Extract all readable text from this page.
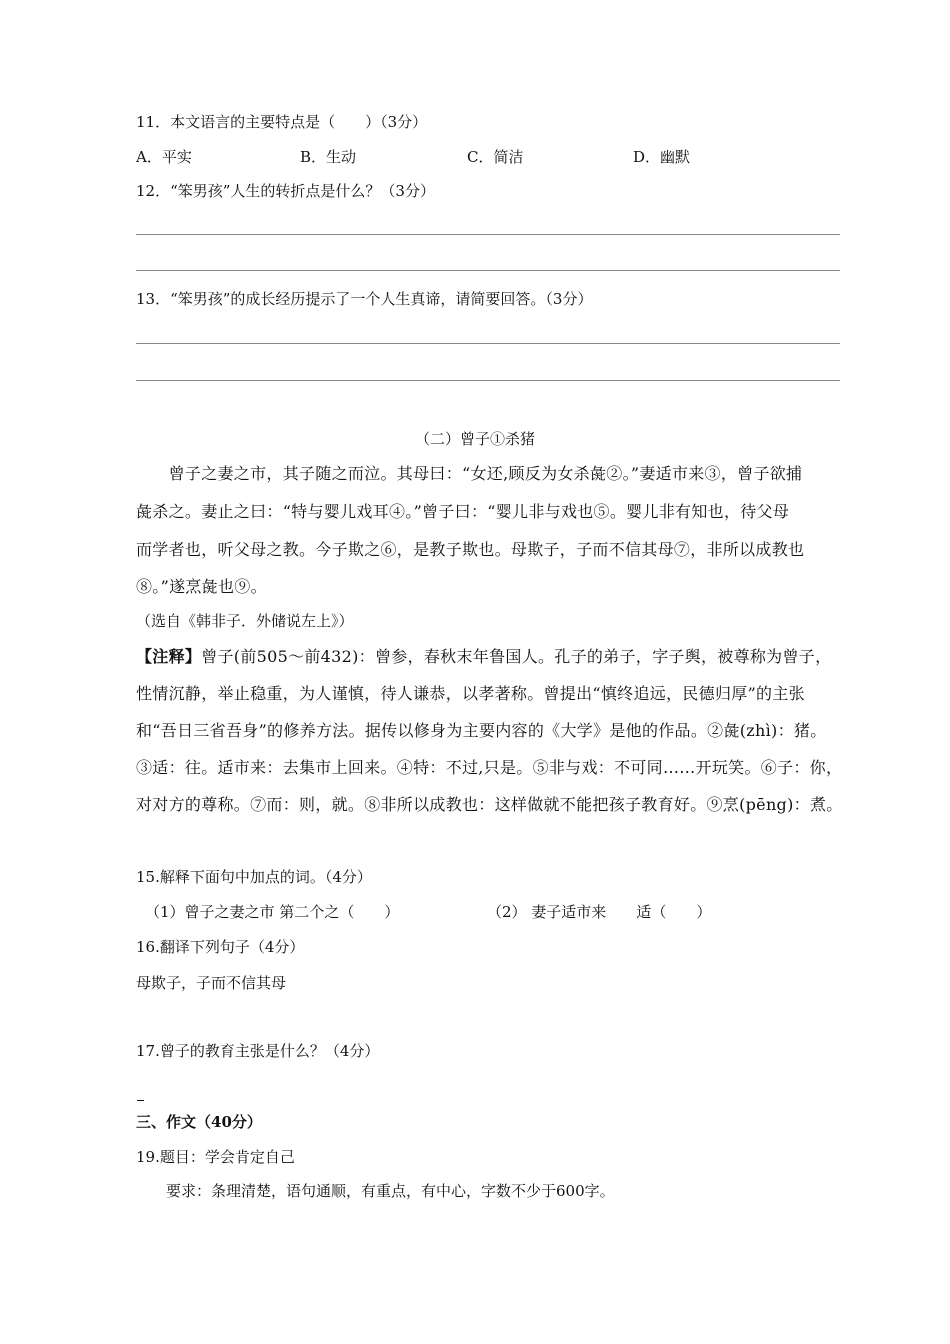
11．本文语言的主要特点是（　　）（3分）
A．平实	B．生动	C．简洁	D．幽默
12．“笨男孩”人生的转折点是什么？（3分）
13．“笨男孩”的成长经历提示了一个人生真谛，请简要回答。（3分）
（二）曾子①杀猪
　　曾子之妻之市，其子随之而泣。其母曰：“女还,顾反为女杀彘②。”妻适市来③，曾子欲捕
彘杀之。妻止之曰：“特与婴儿戏耳④。”曾子曰：“婴儿非与戏也⑤。婴儿非有知也，待父母
而学者也，听父母之教。今子欺之⑥，是教子欺也。母欺子，子而不信其母⑦，非所以成教也
⑧。”遂烹彘也⑨。
（选自《韩非子．外储说左上》）
【注释】曾子(前505～前432)：曾参，春秋末年鲁国人。孔子的弟子，字子舆，被尊称为曾子，
性情沉静，举止稳重，为人谨慎，待人谦恭，以孝著称。曾提出“慎终追远，民德归厚”的主张
和“吾日三省吾身”的修养方法。据传以修身为主要内容的《大学》是他的作品。②彘(zhì)：猪。
③适：往。适市来：去集市上回来。④特：不过,只是。⑤非与戏：不可同……开玩笑。⑥子：你，
对对方的尊称。⑦而：则，就。⑧非所以成教也：这样做就不能把孩子教育好。⑨烹(pēng)：煮。
15.解释下面句中加点的词。（4分）
（1）曾子之妻之市 第二个之（　　）	（2） 妻子适市来　　适（　　）
16.翻译下列句子（4分）
母欺子，子而不信其母
17.曾子的教育主张是什么？（4分）
三、作文（40分）
19.题目：学会肯定自己
　　要求：条理清楚，语句通顺，有重点，有中心，字数不少于600字。
